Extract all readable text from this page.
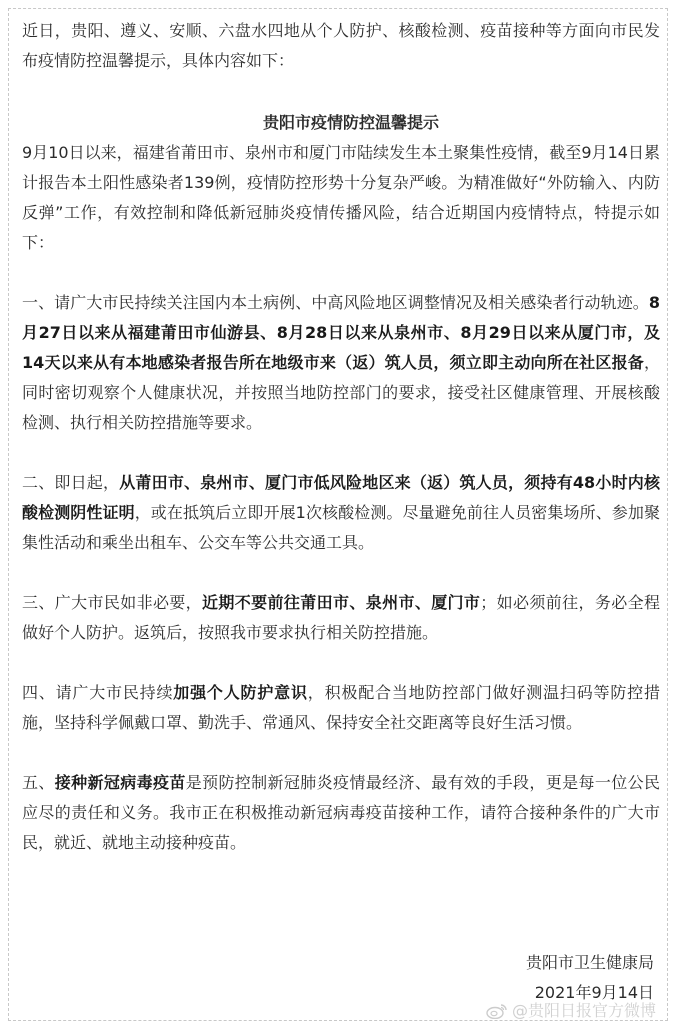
近日，贵阳、遵义、安顺、六盘水四地从个人防护、核酸检测、疫苗接种等方面向市民发布疫情防控温馨提示，具体内容如下：

贵阳市疫情防控温馨提示

9月10日以来，福建省莆田市、泉州市和厦门市陆续发生本土聚集性疫情，截至9月14日累计报告本土阳性感染者139例，疫情防控形势十分复杂严峻。为精准做好“外防输入、内防反弹”工作，有效控制和降低新冠肺炎疫情传播风险，结合近期国内疫情特点，特提示如下：

一、请广大市民持续关注国内本土病例、中高风险地区调整情况及相关感染者行动轨迹。8月27日以来从福建莆田市仙游县、8月28日以来从泉州市、8月29日以来从厦门市，及14天以来从有本地感染者报告所在地级市来（返）筑人员，须立即主动向所在社区报备，同时密切观察个人健康状况，并按照当地防控部门的要求，接受社区健康管理、开展核酸检测、执行相关防控措施等要求。

二、即日起，从莆田市、泉州市、厦门市低风险地区来（返）筑人员，须持有48小时内核酸检测阴性证明，或在抵筑后立即开展1次核酸检测。尽量避免前往人员密集场所、参加聚集性活动和乘坐出租车、公交车等公共交通工具。

三、广大市民如非必要，近期不要前往莆田市、泉州市、厦门市；如必须前往，务必全程做好个人防护。返筑后，按照我市要求执行相关防控措施。

四、请广大市民持续加强个人防护意识，积极配合当地防控部门做好测温扫码等防控措施，坚持科学佩戴口罩、勤洗手、常通风、保持安全社交距离等良好生活习惯。

五、接种新冠病毒疫苗是预防控制新冠肺炎疫情最经济、最有效的手段，更是每一位公民应尽的责任和义务。我市正在积极推动新冠病毒疫苗接种工作，请符合接种条件的广大市民，就近、就地主动接种疫苗。

贵阳市卫生健康局
2021年9月14日
@贵阳日报官方微博
